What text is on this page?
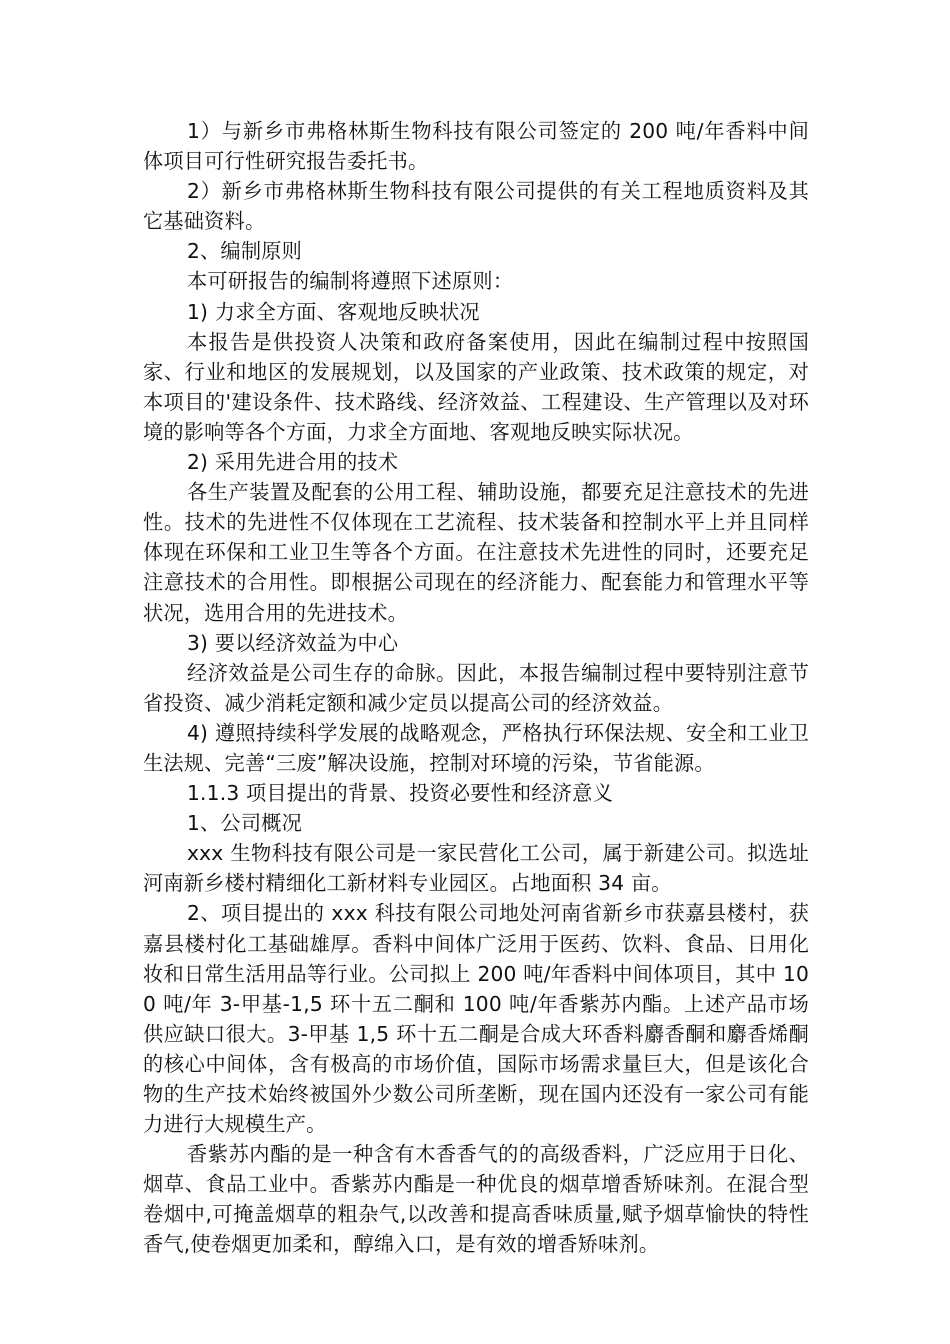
1）与新乡市弗格林斯生物科技有限公司签定的 200 吨/年香料中间体项目可行性研究报告委托书。

2）新乡市弗格林斯生物科技有限公司提供的有关工程地质资料及其它基础资料。

2、编制原则

本可研报告的编制将遵照下述原则：

1) 力求全方面、客观地反映状况

本报告是供投资人决策和政府备案使用，因此在编制过程中按照国家、行业和地区的发展规划，以及国家的产业政策、技术政策的规定，对本项目的'建设条件、技术路线、经济效益、工程建设、生产管理以及对环境的影响等各个方面，力求全方面地、客观地反映实际状况。

2) 采用先进合用的技术

各生产装置及配套的公用工程、辅助设施，都要充足注意技术的先进性。技术的先进性不仅体现在工艺流程、技术装备和控制水平上并且同样体现在环保和工业卫生等各个方面。在注意技术先进性的同时，还要充足注意技术的合用性。即根据公司现在的经济能力、配套能力和管理水平等状况，选用合用的先进技术。

3) 要以经济效益为中心

经济效益是公司生存的命脉。因此，本报告编制过程中要特别注意节省投资、减少消耗定额和减少定员以提高公司的经济效益。

4) 遵照持续科学发展的战略观念，严格执行环保法规、安全和工业卫生法规、完善“三废”解决设施，控制对环境的污染，节省能源。

1.1.3 项目提出的背景、投资必要性和经济意义

1、公司概况

xxx 生物科技有限公司是一家民营化工公司，属于新建公司。拟选址河南新乡楼村精细化工新材料专业园区。占地面积 34 亩。

2、项目提出的 xxx 科技有限公司地处河南省新乡市获嘉县楼村，获嘉县楼村化工基础雄厚。香料中间体广泛用于医药、饮料、食品、日用化妆和日常生活用品等行业。公司拟上 200 吨/年香料中间体项目，其中 100 吨/年 3-甲基-1,5 环十五二酮和 100 吨/年香紫苏内酯。上述产品市场供应缺口很大。3-甲基 1,5 环十五二酮是合成大环香料麝香酮和麝香烯酮的核心中间体，含有极高的市场价值，国际市场需求量巨大，但是该化合物的生产技术始终被国外少数公司所垄断，现在国内还没有一家公司有能力进行大规模生产。

香紫苏内酯的是一种含有木香香气的的高级香料，广泛应用于日化、烟草、食品工业中。香紫苏内酯是一种优良的烟草增香矫味剂。在混合型卷烟中,可掩盖烟草的粗杂气,以改善和提高香味质量,赋予烟草愉快的特性香气,使卷烟更加柔和，醇绵入口，是有效的增香矫味剂。
